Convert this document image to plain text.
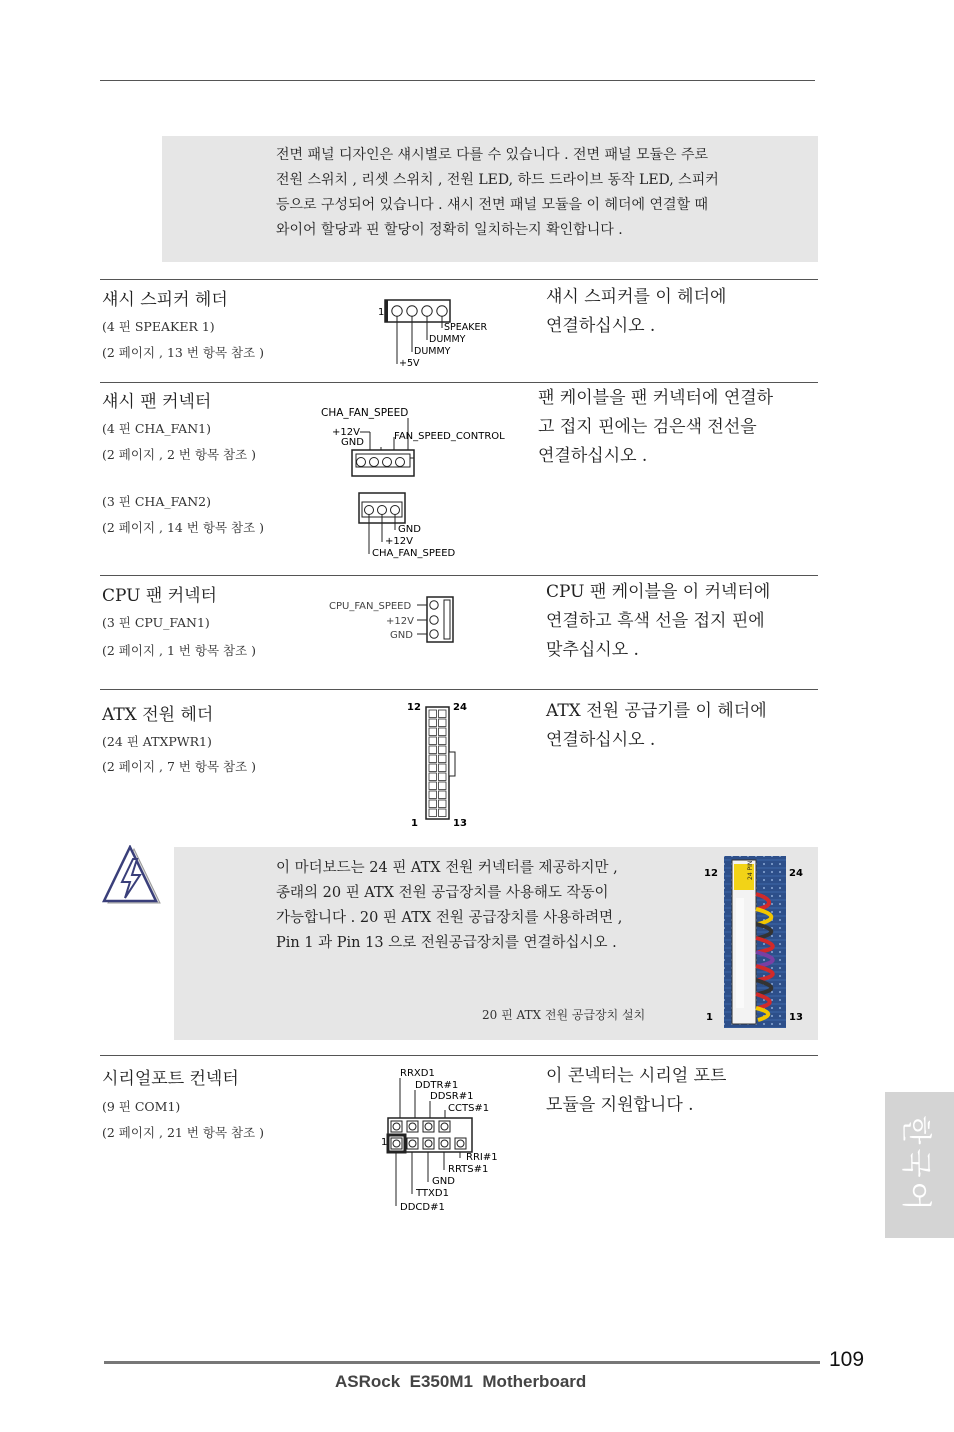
전면 패널 디자인은 섀시별로 다를 수 있습니다 . 전면 패널 모듈은 주로
전원 스위치 , 리셋 스위치 , 전원 LED, 하드 드라이브 동작 LED, 스피커
등으로 구성되어 있습니다 . 섀시 전면 패널 모듈을 이 헤더에 연결할 때
와이어 할당과 핀 할당이 정확히 일치하는지 확인합니다 .
섀시 스피커 헤더
(4 핀 SPEAKER 1)
(2 페이지 , 13 번 항목 참조 )
섀시 스피커를 이 헤더에
연결하십시오 .
1
SPEAKER
DUMMY
DUMMY
+5V
섀시 팬 커넥터
(4 핀 CHA_FAN1)
(2 페이지 , 2 번 항목 참조 )
(3 핀 CHA_FAN2)
(2 페이지 , 14 번 항목 참조 )
팬 케이블을 팬 커넥터에 연결하
고 접지 핀에는 검은색 전선을
연결하십시오 .
CHA_FAN_SPEED
+12V
GND
FAN_SPEED_CONTROL
GND
+12V
CHA_FAN_SPEED
CPU 팬 커넥터
(3 핀 CPU_FAN1)
(2 페이지 , 1 번 항목 참조 )
CPU 팬 케이블을 이 커넥터에
연결하고 흑색 선을 접지 핀에
맞추십시오 .
CPU_FAN_SPEED
+12V
GND
ATX 전원 헤더
(24 핀 ATXPWR1)
(2 페이지 , 7 번 항목 참조 )
ATX 전원 공급기를 이 헤더에
연결하십시오 .
12	24
1	13
이 마더보드는 24 핀 ATX 전원 커넥터를 제공하지만 ,
종래의 20 핀 ATX 전원 공급장치를 사용해도 작동이
가능합니다 . 20 핀 ATX 전원 공급장치를 사용하려면 ,
Pin 1 과 Pin 13 으로 전원공급장치를 연결하십시오 .
20 핀 ATX 전원 공급장치 설치
24 PIN
12	24
1	13
시리얼포트 컨넥터
(9 핀 COM1)
(2 페이지 , 21 번 항목 참조 )
이 콘넥터는 시리얼 포트
모듈을 지원합니다 .
RRXD1
DDTR#1
DDSR#1
CCTS#1
1
RRI#1
RRTS#1
GND
TTXD1
DDCD#1	한국어
109
ASRock  E350M1  Motherboard
